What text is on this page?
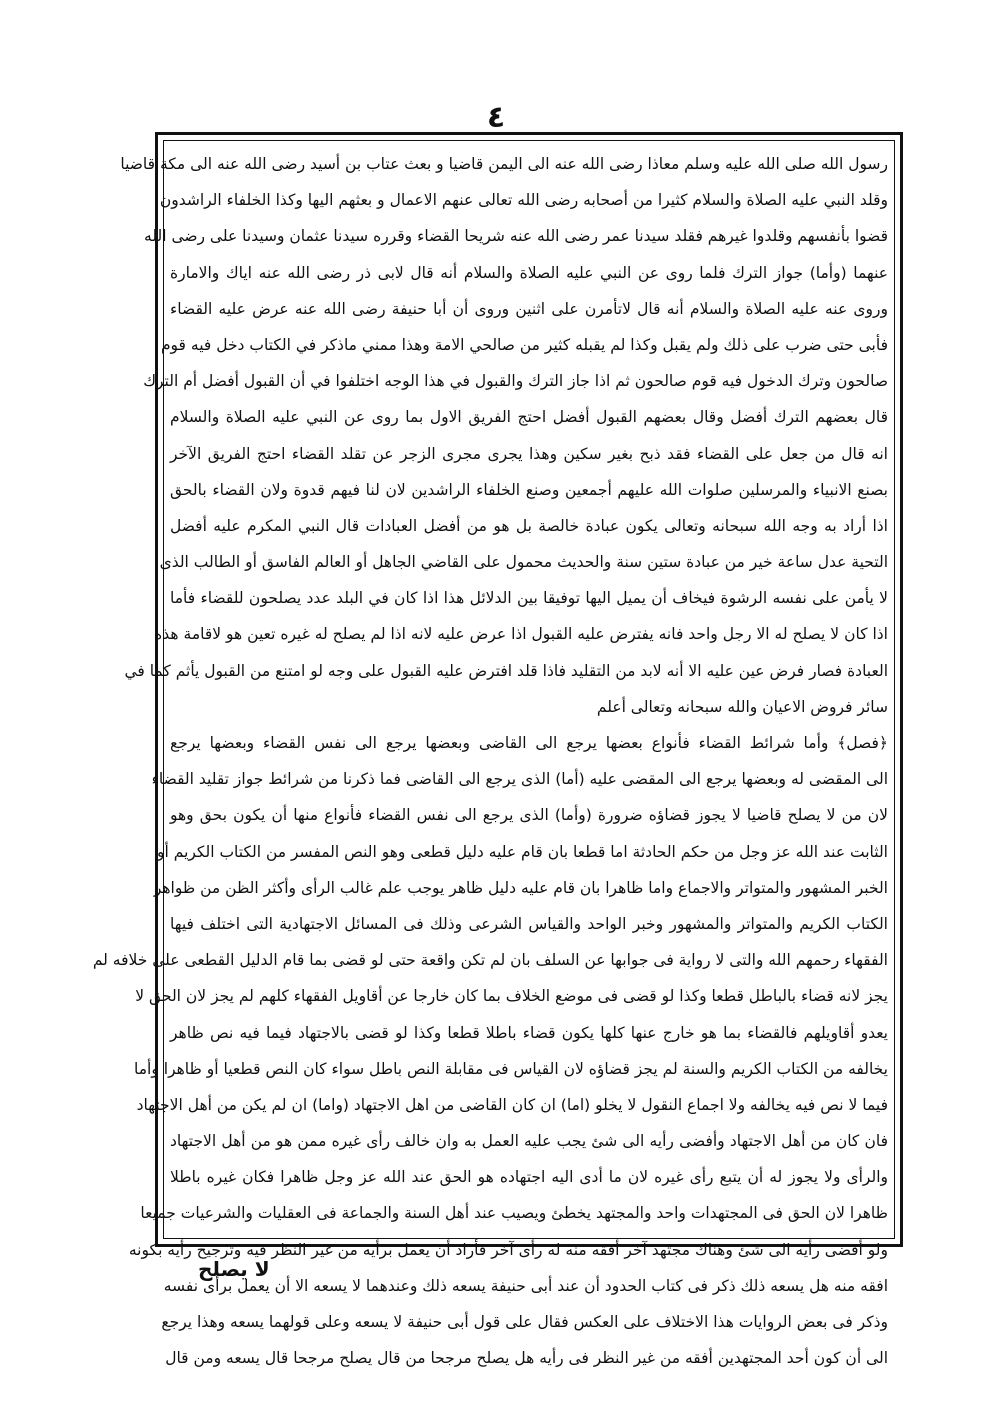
٤
رسول الله صلى الله عليه وسلم معاذا رضى الله عنه الى اليمن قاضيا و بعث عتاب بن أسيد رضى الله عنه الى مكة قاضيا
وقلد النبي عليه الصلاة والسلام كثيرا من أصحابه رضى الله تعالى عنهم الاعمال و بعثهم اليها وكذا الخلفاء الراشدون
قضوا بأنفسهم وقلدوا غيرهم فقلد سيدنا عمر رضى الله عنه شريحا القضاء وقرره سيدنا عثمان وسيدنا على رضى الله
عنهما (وأما) جواز الترك فلما روى عن النبي عليه الصلاة والسلام أنه قال لابى ذر رضى الله عنه اياك والامارة
وروى عنه عليه الصلاة والسلام أنه قال لاتأمرن على اثنين وروى أن أبا حنيفة رضى الله عنه عرض عليه القضاء
فأبى حتى ضرب على ذلك ولم يقبل وكذا لم يقبله كثير من صالحي الامة وهذا ممني ماذكر في الكتاب دخل فيه قوم
صالحون وترك الدخول فيه قوم صالحون ثم اذا جاز الترك والقبول في هذا الوجه اختلفوا في أن القبول أفضل أم الترك
قال بعضهم الترك أفضل وقال بعضهم القبول أفضل احتج الفريق الاول بما روى عن النبي عليه الصلاة والسلام
انه قال من جعل على القضاء فقد ذبح بغير سكين وهذا يجرى مجرى الزجر عن تقلد القضاء احتج الفريق الآخر
بصنع الانبياء والمرسلين صلوات الله عليهم أجمعين وصنع الخلفاء الراشدين لان لنا فيهم قدوة ولان القضاء بالحق
اذا أراد به وجه الله سبحانه وتعالى يكون عبادة خالصة بل هو من أفضل العبادات قال النبي المكرم عليه أفضل
التحية عدل ساعة خير من عبادة ستين سنة والحديث محمول على القاضي الجاهل أو العالم الفاسق أو الطالب الذى
لا يأمن على نفسه الرشوة فيخاف أن يميل اليها توفيقا بين الدلائل هذا اذا كان في البلد عدد يصلحون للقضاء فأما
اذا كان لا يصلح له الا رجل واحد فانه يفترض عليه القبول اذا عرض عليه لانه اذا لم يصلح له غيره تعين هو لاقامة هذه
العبادة فصار فرض عين عليه الا أنه لابد من التقليد فاذا قلد افترض عليه القبول على وجه لو امتنع من القبول يأثم كما في
سائر فروض الاعيان والله سبحانه وتعالى أعلم
﴿فصل﴾ وأما شرائط القضاء فأنواع بعضها يرجع الى القاضى وبعضها يرجع الى نفس القضاء وبعضها يرجع
الى المقضى له وبعضها يرجع الى المقضى عليه (أما) الذى يرجع الى القاضى فما ذكرنا من شرائط جواز تقليد القضاء
لان من لا يصلح قاضيا لا يجوز قضاؤه ضرورة (وأما) الذى يرجع الى نفس القضاء فأنواع منها أن يكون بحق وهو
الثابت عند الله عز وجل من حكم الحادثة اما قطعا بان قام عليه دليل قطعى وهو النص المفسر من الكتاب الكريم أو
الخبر المشهور والمتواتر والاجماع واما ظاهرا بان قام عليه دليل ظاهر يوجب علم غالب الرأى وأكثر الظن من ظواهر
الكتاب الكريم والمتواتر والمشهور وخبر الواحد والقياس الشرعى وذلك فى المسائل الاجتهادية التى اختلف فيها
الفقهاء رحمهم الله والتى لا رواية فى جوابها عن السلف بان لم تكن واقعة حتى لو قضى بما قام الدليل القطعى على خلافه لم
يجز لانه قضاء بالباطل قطعا وكذا لو قضى فى موضع الخلاف بما كان خارجا عن أقاويل الفقهاء كلهم لم يجز لان الحق لا
يعدو أقاويلهم فالقضاء بما هو خارج عنها كلها يكون قضاء باطلا قطعا وكذا لو قضى بالاجتهاد فيما فيه نص ظاهر
يخالفه من الكتاب الكريم والسنة لم يجز قضاؤه لان القياس فى مقابلة النص باطل سواء كان النص قطعيا أو ظاهرا وأما
فيما لا نص فيه يخالفه ولا اجماع النقول لا يخلو (اما) ان كان القاضى من اهل الاجتهاد (واما) ان لم يكن من أهل الاجتهاد
فان كان من أهل الاجتهاد وأفضى رأيه الى شئ يجب عليه العمل به وان خالف رأى غيره ممن هو من أهل الاجتهاد
والرأى ولا يجوز له أن يتبع رأى غيره لان ما أدى اليه اجتهاده هو الحق عند الله عز وجل ظاهرا فكان غيره باطلا
ظاهرا لان الحق فى المجتهدات واحد والمجتهد يخطئ ويصيب عند أهل السنة والجماعة فى العقليات والشرعيات جميعا
ولو أفضى رأيه الى شئ وهناك مجتهد آخر أفقه منه له رأى آخر فأراد أن يعمل برأيه من غير النظر فيه وترجيح رأيه بكونه
افقه منه هل يسعه ذلك ذكر فى كتاب الحدود أن عند أبى حنيفة يسعه ذلك وعندهما لا يسعه الا أن يعمل برأى نفسه
وذكر فى بعض الروايات هذا الاختلاف على العكس فقال على قول أبى حنيفة لا يسعه وعلى قولهما يسعه وهذا يرجع
الى أن كون أحد المجتهدين أفقه من غير النظر فى رأيه هل يصلح مرجحا من قال يصلح مرجحا قال يسعه ومن قال
لا يصلح
